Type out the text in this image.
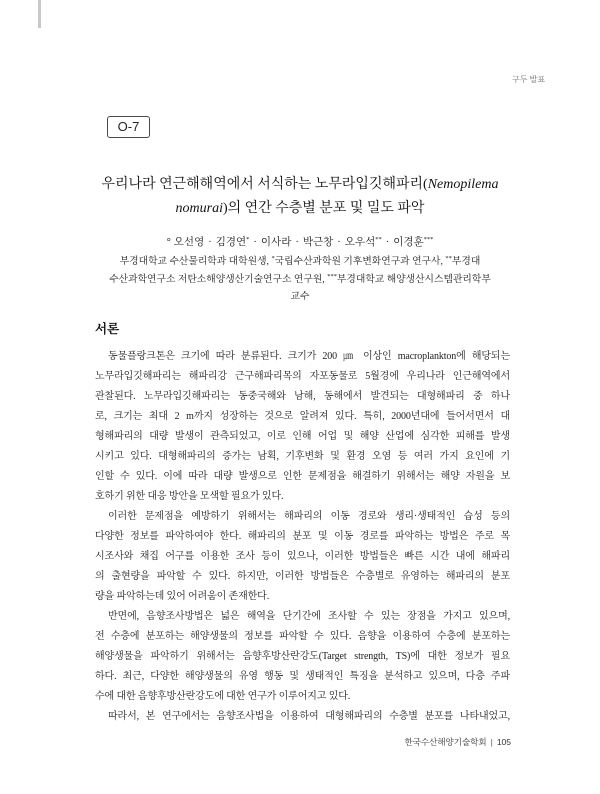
구두 발표
O-7
우리나라 연근해해역에서 서식하는 노무라입깃해파리(Nemopilema
nomurai)의 연간 수층별 분포 및 밀도 파악
° 오선영 · 김경연* · 이사라 · 박근창 · 오우석** · 이경훈***
부경대학교 수산물리학과 대학원생, *국립수산과학원 기후변화연구과 연구사, **부경대
수산과학연구소 저탄소해양생산기술연구소 연구원, ***부경대학교 해양생산시스템관리학부
교수
서론
동물플랑크톤은 크기에 따라 분류된다. 크기가 200 ㎛ 이상인 macroplankton에 해당되는
노무라입깃해파리는 해파리강 근구해파리목의 자포동물로 5월경에 우리나라 인근해역에서
관찰된다. 노무라입깃해파리는 동중국해와 남해, 동해에서 발견되는 대형해파리 중 하나
로, 크기는 최대 2 m까지 성장하는 것으로 알려져 있다. 특히, 2000년대에 들어서면서 대
형해파리의 대량 발생이 관측되었고, 이로 인해 어업 및 해양 산업에 심각한 피해를 발생
시키고 있다. 대형해파리의 증가는 남획, 기후변화 및 환경 오염 등 여러 가지 요인에 기
인할 수 있다. 이에 따라 대량 발생으로 인한 문제점을 해결하기 위해서는 해양 자원을 보
호하기 위한 대응 방안을 모색할 필요가 있다.
이러한 문제점을 예방하기 위해서는 해파리의 이동 경로와 생리·생태적인 습성 등의
다양한 정보를 파악하여야 한다. 해파리의 분포 및 이동 경로를 파악하는 방법은 주로 목
시조사와 채집 어구를 이용한 조사 등이 있으나, 이러한 방법들은 빠른 시간 내에 해파리
의 출현량을 파악할 수 있다. 하지만, 이러한 방법들은 수층별로 유영하는 해파리의 분포
량을 파악하는데 있어 어려움이 존재한다.
반면에, 음향조사방법은 넓은 해역을 단기간에 조사할 수 있는 장점을 가지고 있으며,
전 수층에 분포하는 해양생물의 정보를 파악할 수 있다. 음향을 이용하여 수층에 분포하는
해양생물을 파악하기 위해서는 음향후방산란강도(Target strength, TS)에 대한 정보가 필요
하다. 최근, 다양한 해양생물의 유영 행동 및 생태적인 특징을 분석하고 있으며, 다층 주파
수에 대한 음향후방산란강도에 대한 연구가 이루어지고 있다.
따라서, 본 연구에서는 음향조사법을 이용하여 대형해파리의 수층별 분포를 나타내었고,
한국수산해양기술학회 | 105
